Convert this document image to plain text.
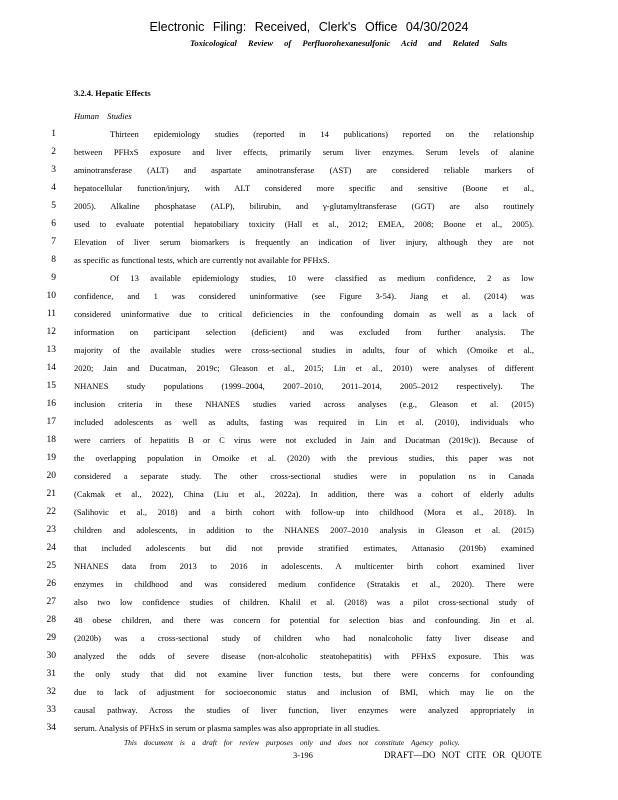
Electronic Filing: Received, Clerk's Office 04/30/2024
Toxicological Review of Perfluorohexanesulfonic Acid and Related Salts
3.2.4. Hepatic Effects
Human Studies
1	Thirteen epidemiology studies (reported in 14 publications) reported on the relationship
2 between PFHxS exposure and liver effects, primarily serum liver enzymes. Serum levels of alanine
3 aminotransferase (ALT) and aspartate aminotransferase (AST) are considered reliable markers of
4 hepatocellular function/injury, with ALT considered more specific and sensitive (Boone et al.,
5 2005). Alkaline phosphatase (ALP), bilirubin, and γ-glutamyltransferase (GGT) are also routinely
6 used to evaluate potential hepatobiliary toxicity (Hall et al., 2012; EMEA, 2008; Boone et al., 2005).
7 Elevation of liver serum biomarkers is frequently an indication of liver injury, although they are not
8 as specific as functional tests, which are currently not available for PFHxS.
9	Of 13 available epidemiology studies, 10 were classified as medium confidence, 2 as low
10 confidence, and 1 was considered uninformative (see Figure 3-54). Jiang et al. (2014) was
11 considered uninformative due to critical deficiencies in the confounding domain as well as a lack of
12 information on participant selection (deficient) and was excluded from further analysis. The
13 majority of the available studies were cross-sectional studies in adults, four of which (Omoike et al.,
14 2020; Jain and Ducatman, 2019c; Gleason et al., 2015; Lin et al., 2010) were analyses of different
15 NHANES study populations (1999–2004, 2007–2010, 2011–2014, 2005–2012 respectively). The
16 inclusion criteria in these NHANES studies varied across analyses (e.g., Gleason et al. (2015)
17 included adolescents as well as adults, fasting was required in Lin et al. (2010), individuals who
18 were carriers of hepatitis B or C virus were not excluded in Jain and Ducatman (2019c)). Because of
19 the overlapping population in Omoike et al. (2020) with the previous studies, this paper was not
20 considered a separate study. The other cross-sectional studies were in population ns in Canada
21 (Cakmak et al., 2022), China (Liu et al., 2022a). In addition, there was a cohort of elderly adults
22 (Salihovic et al., 2018) and a birth cohort with follow-up into childhood (Mora et al., 2018). In
23 children and adolescents, in addition to the NHANES 2007–2010 analysis in Gleason et al. (2015)
24 that included adolescents but did not provide stratified estimates, Attanasio (2019b) examined
25 NHANES data from 2013 to 2016 in adolescents. A multicenter birth cohort examined liver
26 enzymes in childhood and was considered medium confidence (Stratakis et al., 2020). There were
27 also two low confidence studies of children. Khalil et al. (2018) was a pilot cross-sectional study of
28 48 obese children, and there was concern for potential for selection bias and confounding. Jin et al.
29 (2020b) was a cross-sectional study of children who had nonalcoholic fatty liver disease and
30 analyzed the odds of severe disease (non-alcoholic steatohepatitis) with PFHxS exposure. This was
31 the only study that did not examine liver function tests, but there were concerns for confounding
32 due to lack of adjustment for socioeconomic status and inclusion of BMI, which may lie on the
33 causal pathway. Across the studies of liver function, liver enzymes were analyzed appropriately in
34 serum. Analysis of PFHxS in serum or plasma samples was also appropriate in all studies.
This document is a draft for review purposes only and does not constitute Agency policy.
3-196	DRAFT—DO NOT CITE OR QUOTE
